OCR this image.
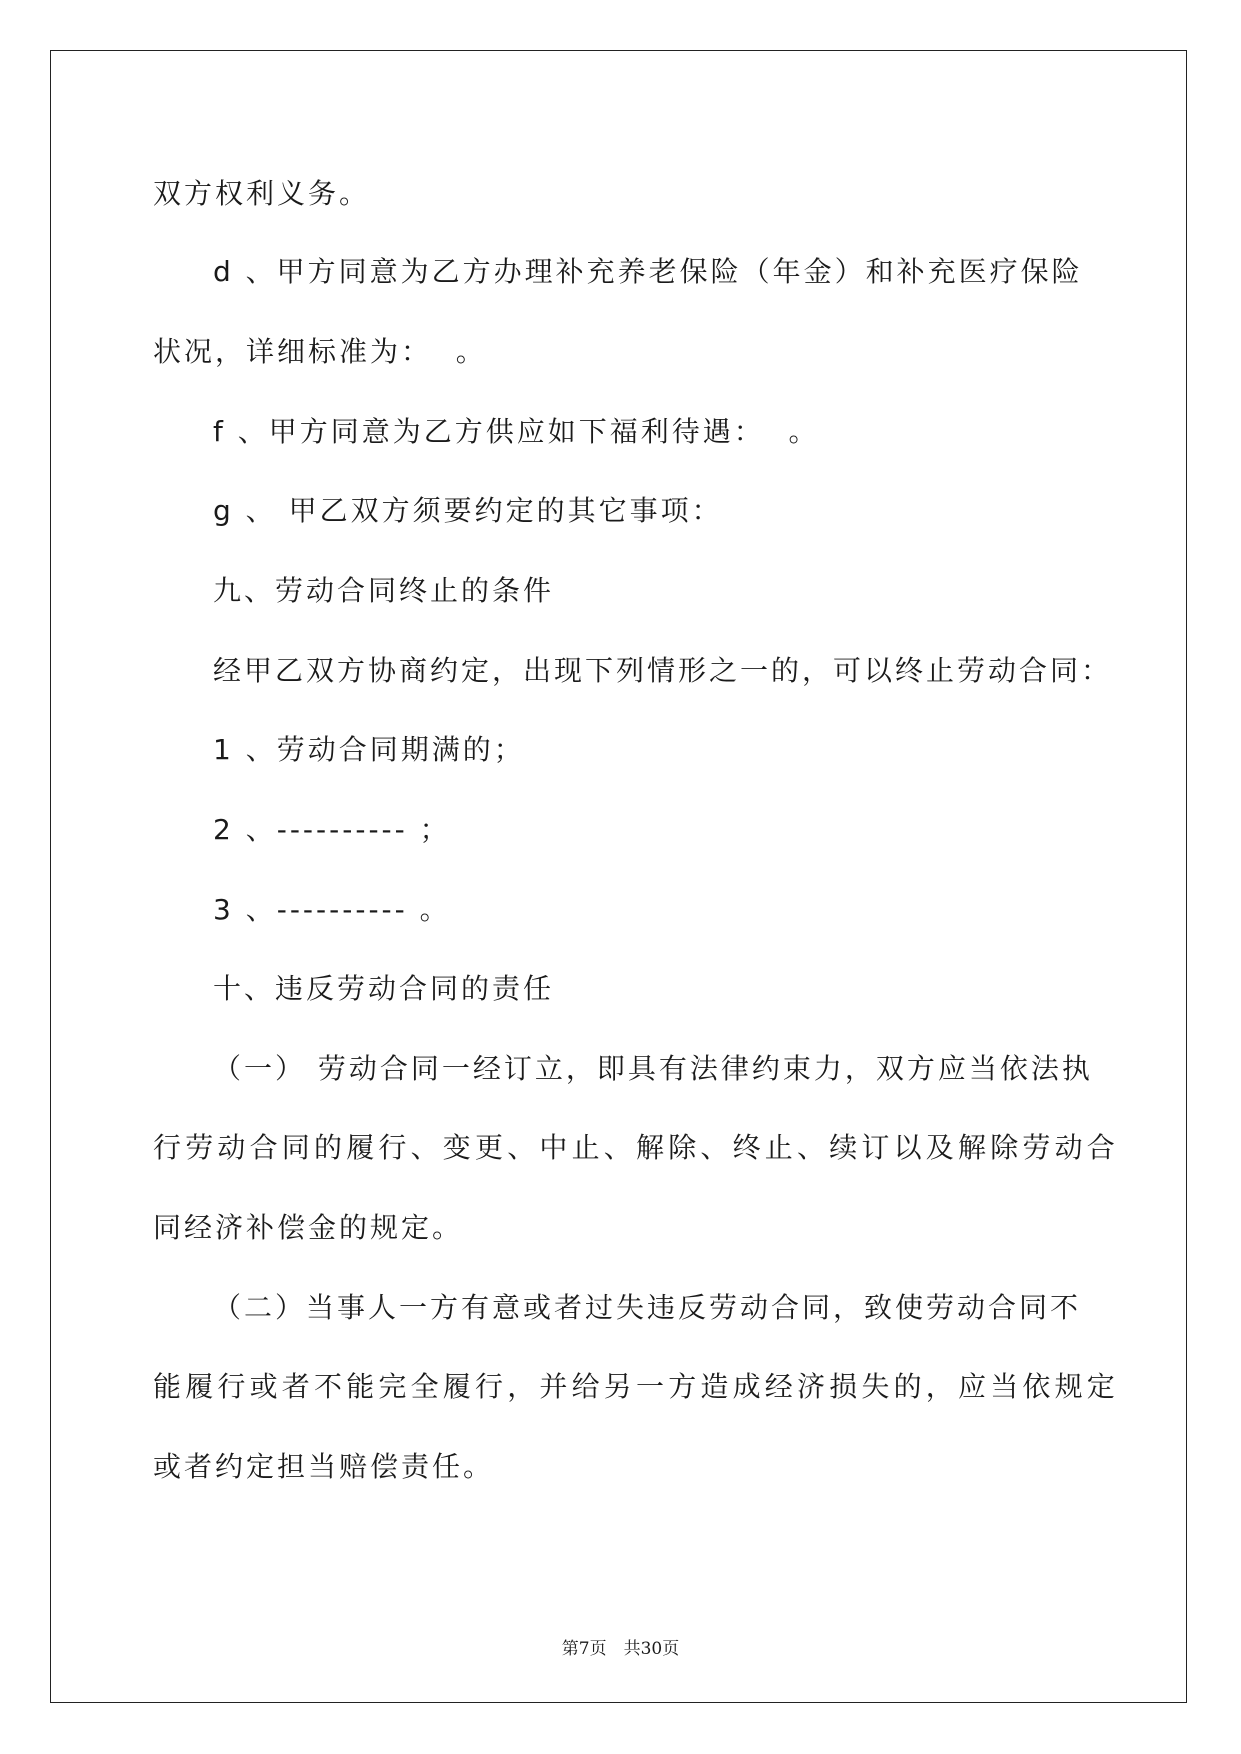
双方权利义务。
d 、甲方同意为乙方办理补充养老保险（年金）和补充医疗保险
状况，详细标准为：  。
f 、甲方同意为乙方供应如下福利待遇：  。
g 、 甲乙双方须要约定的其它事项：
九、劳动合同终止的条件
经甲乙双方协商约定，出现下列情形之一的，可以终止劳动合同：
1 、劳动合同期满的；
2 、---------- ；
3 、---------- 。
十、违反劳动合同的责任
（一） 劳动合同一经订立，即具有法律约束力，双方应当依法执
行劳动合同的履行、变更、中止、解除、终止、续订以及解除劳动合
同经济补偿金的规定。
（二）当事人一方有意或者过失违反劳动合同，致使劳动合同不
能履行或者不能完全履行，并给另一方造成经济损失的，应当依规定
或者约定担当赔偿责任。
第7页　共30页
